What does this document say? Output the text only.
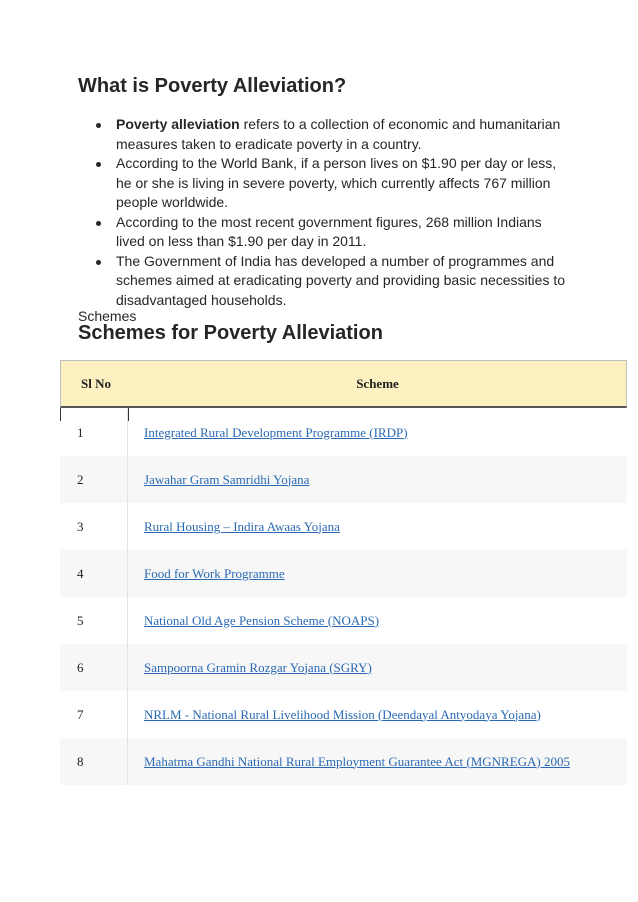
What is Poverty Alleviation?
Poverty alleviation refers to a collection of economic and humanitarian measures taken to eradicate poverty in a country.
According to the World Bank, if a person lives on $1.90 per day or less, he or she is living in severe poverty, which currently affects 767 million people worldwide.
According to the most recent government figures, 268 million Indians lived on less than $1.90 per day in 2011.
The Government of India has developed a number of programmes and schemes aimed at eradicating poverty and providing basic necessities to disadvantaged households.
Schemes
Schemes for Poverty Alleviation
Sl No	Scheme
1	Integrated Rural Development Programme (IRDP)
2	Jawahar Gram Samridhi Yojana
3	Rural Housing – Indira Awaas Yojana
4	Food for Work Programme
5	National Old Age Pension Scheme (NOAPS)
6	Sampoorna Gramin Rozgar Yojana (SGRY)
7	NRLM - National Rural Livelihood Mission (Deendayal Antyodaya Yojana)
8	Mahatma Gandhi National Rural Employment Guarantee Act (MGNREGA) 2005
